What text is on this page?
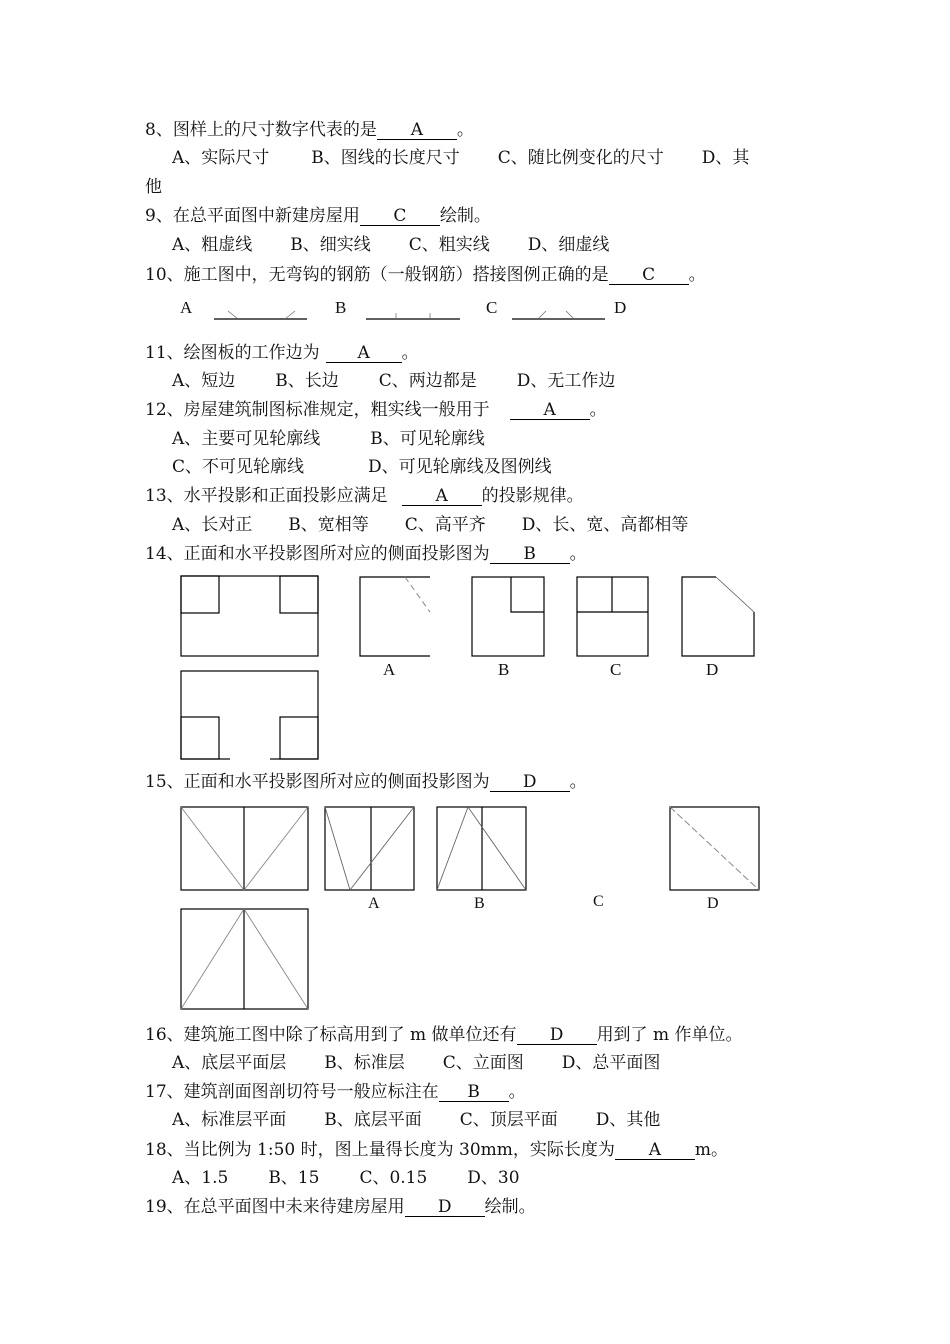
8、图样上的尺寸数字代表的是 A 。
A、实际尺寸 B、图线的长度尺寸 C、随比例变化的尺寸 D、其
他
9、在总平面图中新建房屋用 C 绘制。
A、粗虚线 B、细实线 C、粗实线 D、细虚线
10、施工图中，无弯钩的钢筋（一般钢筋）搭接图例正确的是 C 。
A	B	C	D
11、绘图板的工作边为 A 。
A、短边 B、长边 C、两边都是 D、无工作边
12、房屋建筑制图标准规定，粗实线一般用于	A 。
A、主要可见轮廓线	B、可见轮廓线
C、不可见轮廓线	D、可见轮廓线及图例线
13、水平投影和正面投影应满足	A 的投影规律。
A、长对正 B、宽相等 C、高平齐 D、长、宽、高都相等
14、正面和水平投影图所对应的侧面投影图为 B 。
A	B	C	D
15、正面和水平投影图所对应的侧面投影图为 D 。
A	B	C	D
16、建筑施工图中除了标高用到了 m 做单位还有 D 用到了 m 作单位。
A、底层平面层 B、标准层 C、立面图 D、总平面图
17、建筑剖面图剖切符号一般应标注在 B 。
A、标准层平面 B、底层平面 C、顶层平面 D、其他
18、当比例为 1:50 时，图上量得长度为 30mm，实际长度为 A m。
A、1.5 B、15 C、0.15 D、30
19、在总平面图中未来待建房屋用 D 绘制。
